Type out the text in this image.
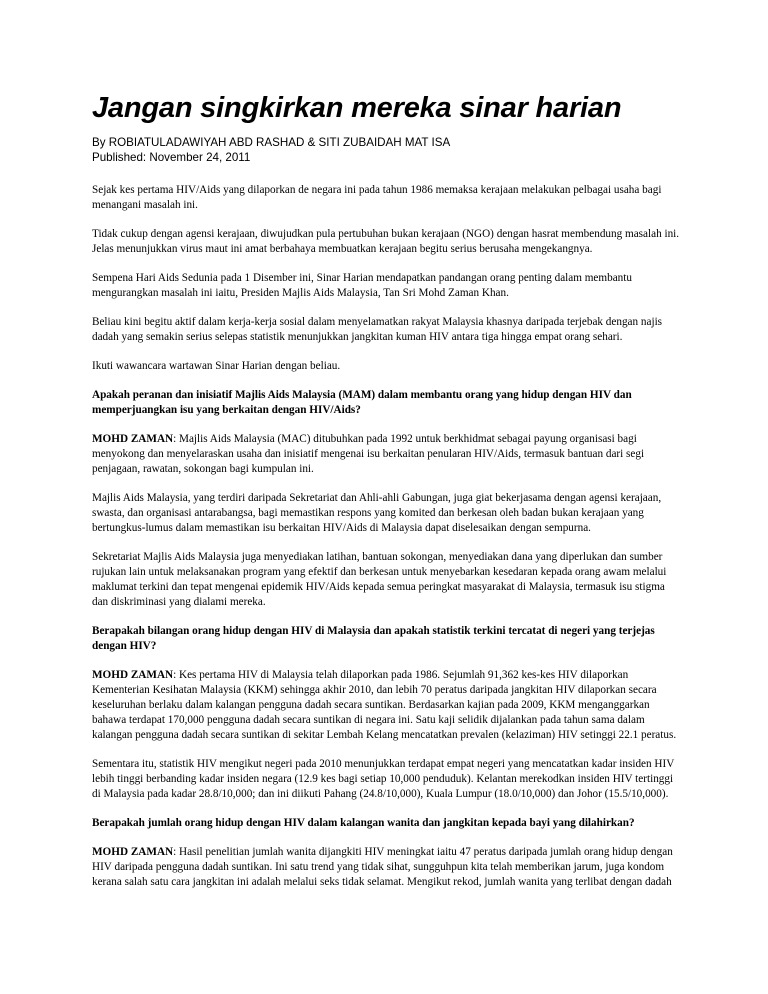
Jangan singkirkan mereka sinar harian
By ROBIATULADAWIYAH ABD RASHAD & SITI ZUBAIDAH MAT ISA
Published: November 24, 2011

Sejak kes pertama HIV/Aids yang dilaporkan de negara ini pada tahun 1986 memaksa kerajaan melakukan pelbagai usaha bagi menangani masalah ini.

Tidak cukup dengan agensi kerajaan, diwujudkan pula pertubuhan bukan kerajaan (NGO) dengan hasrat membendung masalah ini. Jelas menunjukkan virus maut ini amat berbahaya membuatkan kerajaan begitu serius berusaha mengekangnya.

Sempena Hari Aids Sedunia pada 1 Disember ini, Sinar Harian mendapatkan pandangan orang penting dalam membantu mengurangkan masalah ini iaitu, Presiden Majlis Aids Malaysia, Tan Sri Mohd Zaman Khan.

Beliau kini begitu aktif dalam kerja-kerja sosial dalam menyelamatkan rakyat Malaysia khasnya daripada terjebak dengan najis dadah yang semakin serius selepas statistik menunjukkan jangkitan kuman HIV antara tiga hingga empat orang sehari.

Ikuti wawancara wartawan Sinar Harian dengan beliau.

Apakah peranan dan inisiatif Majlis Aids Malaysia (MAM) dalam membantu orang yang hidup dengan HIV dan memperjuangkan isu yang berkaitan dengan HIV/Aids?

MOHD ZAMAN: Majlis Aids Malaysia (MAC) ditubuhkan pada 1992 untuk berkhidmat sebagai payung organisasi bagi menyokong dan menyelaraskan usaha dan inisiatif mengenai isu berkaitan penularan HIV/Aids, termasuk bantuan dari segi penjagaan, rawatan, sokongan bagi kumpulan ini.

Majlis Aids Malaysia, yang terdiri daripada Sekretariat dan Ahli-ahli Gabungan, juga giat bekerjasama dengan agensi kerajaan, swasta, dan organisasi antarabangsa, bagi memastikan respons yang komited dan berkesan oleh badan bukan kerajaan yang bertungkus-lumus dalam memastikan isu berkaitan HIV/Aids di Malaysia dapat diselesaikan dengan sempurna.

Sekretariat Majlis Aids Malaysia juga menyediakan latihan, bantuan sokongan, menyediakan dana yang diperlukan dan sumber rujukan lain untuk melaksanakan program yang efektif dan berkesan untuk menyebarkan kesedaran kepada orang awam melalui maklumat terkini dan tepat mengenai epidemik HIV/Aids kepada semua peringkat masyarakat di Malaysia, termasuk isu stigma dan diskriminasi yang dialami mereka.

Berapakah bilangan orang hidup dengan HIV di Malaysia dan apakah statistik terkini tercatat di negeri yang terjejas dengan HIV?

MOHD ZAMAN: Kes pertama HIV di Malaysia telah dilaporkan pada 1986. Sejumlah 91,362 kes-kes HIV dilaporkan Kementerian Kesihatan Malaysia (KKM) sehingga akhir 2010, dan lebih 70 peratus daripada jangkitan HIV dilaporkan secara keseluruhan berlaku dalam kalangan pengguna dadah secara suntikan. Berdasarkan kajian pada 2009, KKM menganggarkan bahawa terdapat 170,000 pengguna dadah secara suntikan di negara ini. Satu kaji selidik dijalankan pada tahun sama dalam kalangan pengguna dadah secara suntikan di sekitar Lembah Kelang mencatatkan prevalen (kelaziman) HIV setinggi 22.1 peratus.

Sementara itu, statistik HIV mengikut negeri pada 2010 menunjukkan terdapat empat negeri yang mencatatkan kadar insiden HIV lebih tinggi berbanding kadar insiden negara (12.9 kes bagi setiap 10,000 penduduk). Kelantan merekodkan insiden HIV tertinggi di Malaysia pada kadar 28.8/10,000; dan ini diikuti Pahang (24.8/10,000), Kuala Lumpur (18.0/10,000) dan Johor (15.5/10,000).

Berapakah jumlah orang hidup dengan HIV dalam kalangan wanita dan jangkitan kepada bayi yang dilahirkan?

MOHD ZAMAN: Hasil penelitian jumlah wanita dijangkiti HIV meningkat iaitu 47 peratus daripada jumlah orang hidup dengan HIV daripada pengguna dadah suntikan. Ini satu trend yang tidak sihat, sungguhpun kita telah memberikan jarum, juga kondom kerana salah satu cara jangkitan ini adalah melalui seks tidak selamat. Mengikut rekod, jumlah wanita yang terlibat dengan dadah
